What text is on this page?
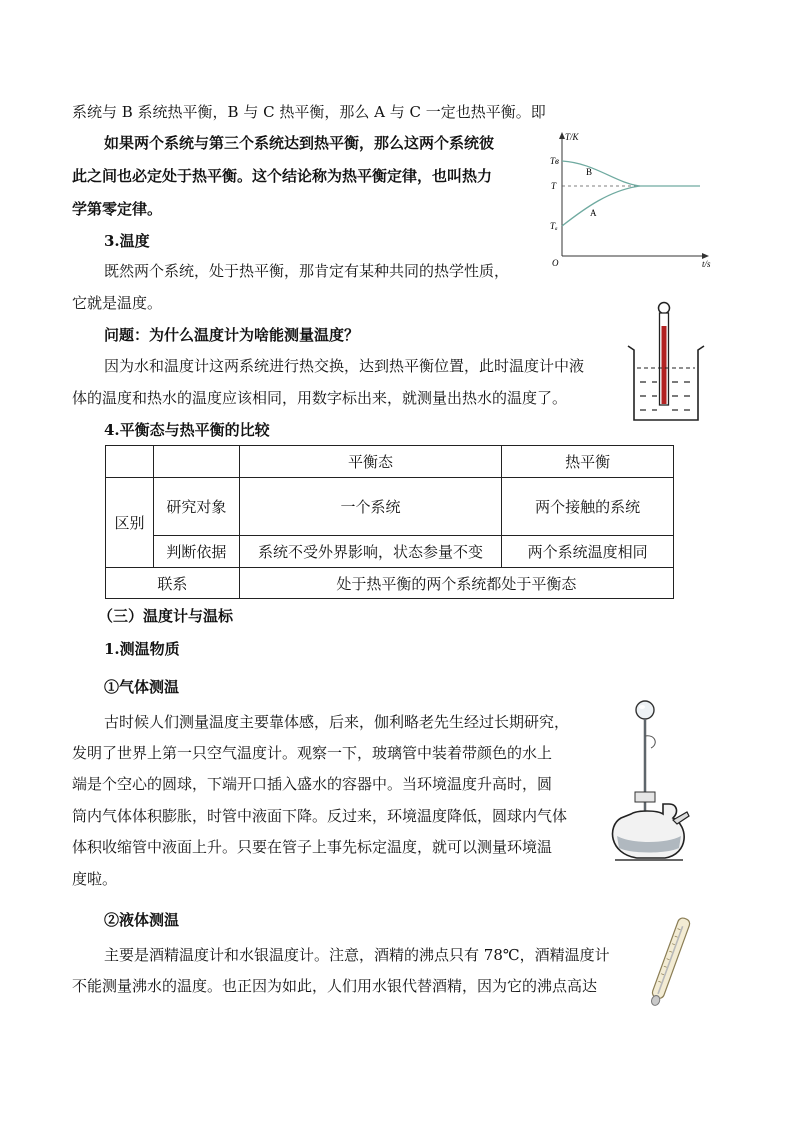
系统与 B 系统热平衡，B 与 C 热平衡，那么 A 与 C 一定也热平衡。即
如果两个系统与第三个系统达到热平衡，那么这两个系统彼
此之间也必定处于热平衡。这个结论称为热平衡定律，也叫热力
学第零定律。
3.温度
既然两个系统，处于热平衡，那肯定有某种共同的热学性质，
它就是温度。
问题：为什么温度计为啥能测量温度？
因为水和温度计这两系统进行热交换，达到热平衡位置，此时温度计中液
体的温度和热水的温度应该相同，用数字标出来，就测量出热水的温度了。
4.平衡态与热平衡的比较
T/K
t/s
O
Tв
T
Tₐ
B
A
		平衡态	热平衡
区别	研究对象	一个系统	两个接触的系统
	判断依据	系统不受外界影响，状态参量不变	两个系统温度相同
联系		处于热平衡的两个系统都处于平衡态	
（三）温度计与温标
1.测温物质
①气体测温
古时候人们测量温度主要靠体感，后来，伽利略老先生经过长期研究，
发明了世界上第一只空气温度计。观察一下，玻璃管中装着带颜色的水上
端是个空心的圆球，下端开口插入盛水的容器中。当环境温度升高时，圆
筒内气体体积膨胀，时管中液面下降。反过来，环境温度降低，圆球内气体
体积收缩管中液面上升。只要在管子上事先标定温度，就可以测量环境温
度啦。
②液体测温
主要是酒精温度计和水银温度计。注意，酒精的沸点只有 78℃，酒精温度计
不能测量沸水的温度。也正因为如此，人们用水银代替酒精，因为它的沸点高达
